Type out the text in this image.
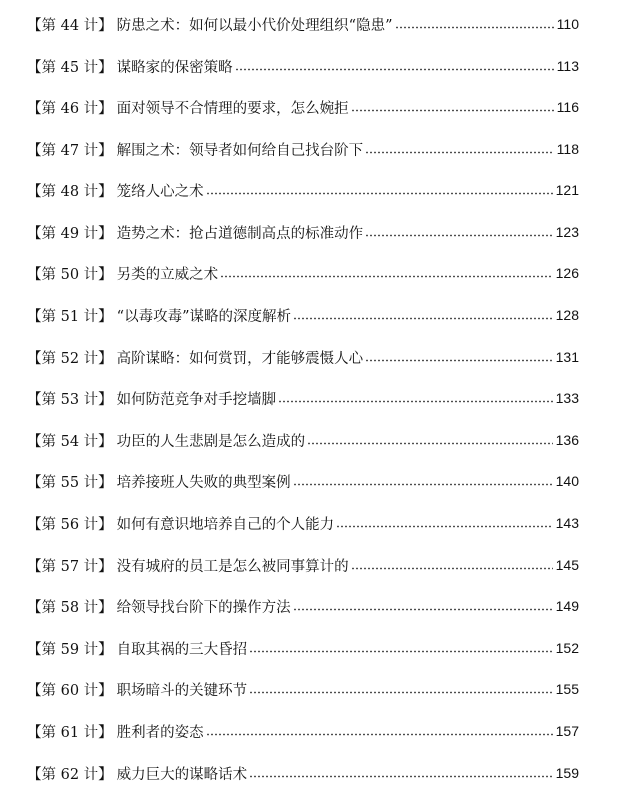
【第 44 计】 防患之术：如何以最小代价处理组织“隐患”	110
【第 45 计】 谋略家的保密策略	113
【第 46 计】 面对领导不合情理的要求，怎么婉拒	116
【第 47 计】 解围之术：领导者如何给自己找台阶下	118
【第 48 计】 笼络人心之术	121
【第 49 计】 造势之术：抢占道德制高点的标准动作	123
【第 50 计】 另类的立威之术	126
【第 51 计】 “以毒攻毒”谋略的深度解析	128
【第 52 计】 高阶谋略：如何赏罚，才能够震慑人心	131
【第 53 计】 如何防范竞争对手挖墙脚	133
【第 54 计】 功臣的人生悲剧是怎么造成的	136
【第 55 计】 培养接班人失败的典型案例	140
【第 56 计】 如何有意识地培养自己的个人能力	143
【第 57 计】 没有城府的员工是怎么被同事算计的	145
【第 58 计】 给领导找台阶下的操作方法	149
【第 59 计】 自取其祸的三大昏招	152
【第 60 计】 职场暗斗的关键环节	155
【第 61 计】 胜利者的姿态	157
【第 62 计】 威力巨大的谋略话术	159
